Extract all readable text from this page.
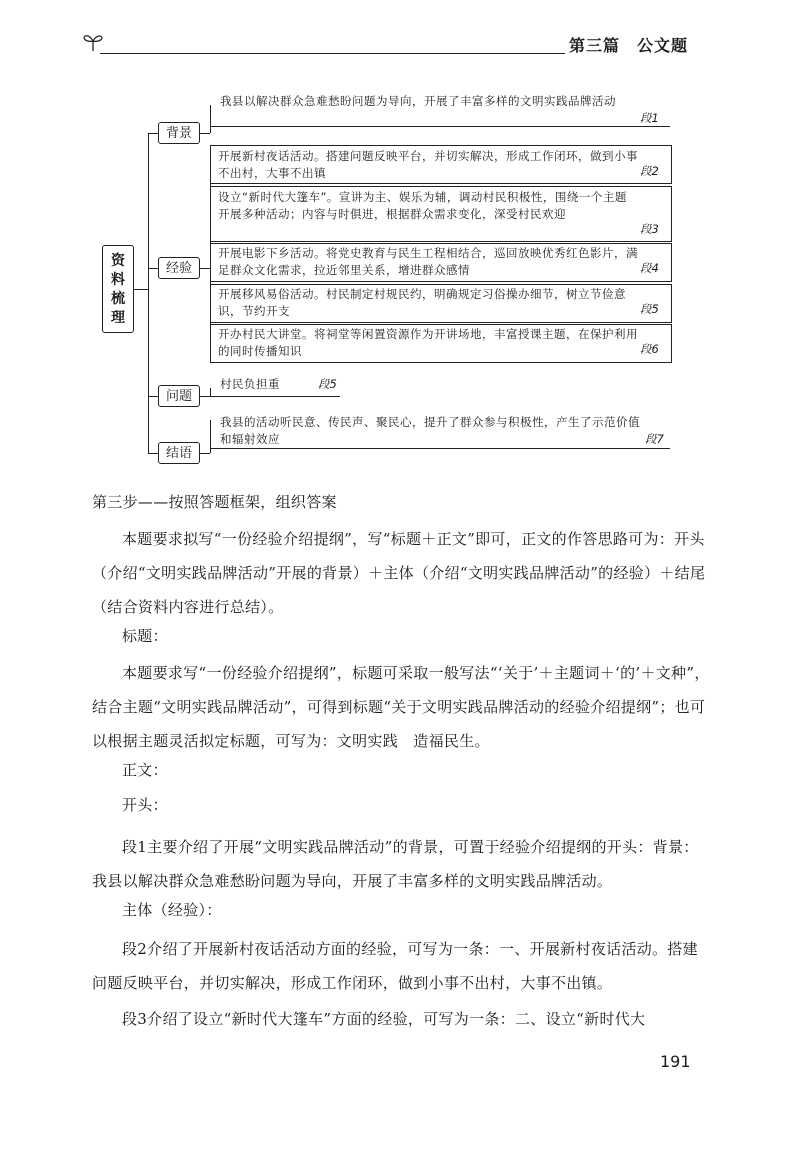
第三篇　公文题
资料梳理
背景
我县以解决群众急难愁盼问题为导向，开展了丰富多样的文明实践品牌活动
段1
经验
开展新村夜话活动。搭建问题反映平台，并切实解决，形成工作闭环，做到小事不出村，大事不出镇	段2
设立“新时代大篷车”。宣讲为主、娱乐为辅，调动村民积极性，围绕一个主题开展多种活动；内容与时俱进，根据群众需求变化，深受村民欢迎
段3
开展电影下乡活动。将党史教育与民生工程相结合，巡回放映优秀红色影片，满足群众文化需求，拉近邻里关系，增进群众感情	段4
开展移风易俗活动。村民制定村规民约，明确规定习俗操办细节，树立节俭意识，节约开支	段5
开办村民大讲堂。将祠堂等闲置资源作为开讲场地，丰富授课主题，在保护利用的同时传播知识	段6
问题
村民负担重	段5
结语
我县的活动听民意、传民声、聚民心，提升了群众参与积极性，产生了示范价值和辐射效应	段7
第三步——按照答题框架，组织答案
本题要求拟写“一份经验介绍提纲”，写“标题＋正文”即可，正文的作答思路可为：开头（介绍“文明实践品牌活动”开展的背景）＋主体（介绍“文明实践品牌活动”的经验）＋结尾（结合资料内容进行总结）。
标题：
本题要求写“一份经验介绍提纲”，标题可采取一般写法“‘关于’＋主题词＋‘的’＋文种”，结合主题“文明实践品牌活动”，可得到标题“关于文明实践品牌活动的经验介绍提纲”；也可以根据主题灵活拟定标题，可写为：文明实践　造福民生。
正文：
开头：
段1主要介绍了开展“文明实践品牌活动”的背景，可置于经验介绍提纲的开头：背景：我县以解决群众急难愁盼问题为导向，开展了丰富多样的文明实践品牌活动。
主体（经验）：
段2介绍了开展新村夜话活动方面的经验，可写为一条：一、开展新村夜话活动。搭建问题反映平台，并切实解决，形成工作闭环，做到小事不出村，大事不出镇。
段3介绍了设立“新时代大篷车”方面的经验，可写为一条：二、设立“新时代大
191
